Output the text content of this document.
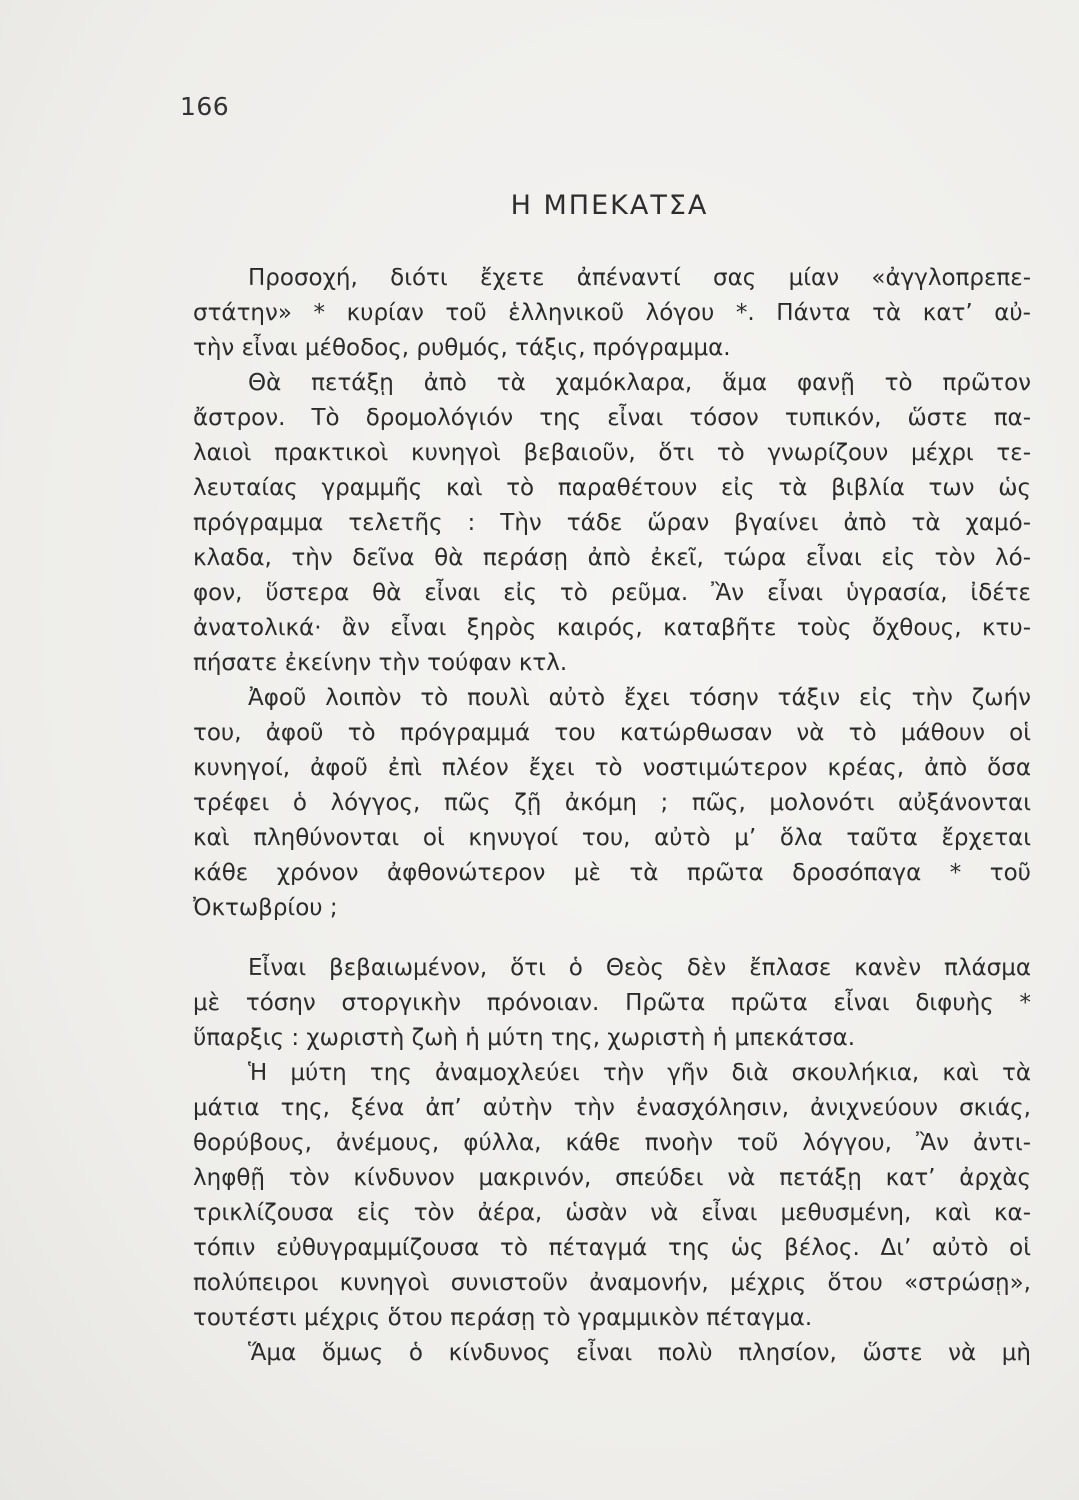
166
Η ΜΠΕΚΑΤΣΑ
Προσοχή, διότι ἔχετε ἀπέναντί σας μίαν «ἀγγλοπρεπε-
στάτην» * κυρίαν τοῦ ἑλληνικοῦ λόγου *. Πάντα τὰ κατ’ αὐ-
τὴν εἶναι μέθοδος, ρυθμός, τάξις, πρόγραμμα.
Θὰ πετάξῃ ἀπὸ τὰ χαμόκλαρα, ἅμα φανῇ τὸ πρῶτον
ἄστρον. Τὸ δρομολόγιόν της εἶναι τόσον τυπικόν, ὥστε πα-
λαιοὶ πρακτικοὶ κυνηγοὶ βεβαιοῦν, ὅτι τὸ γνωρίζουν μέχρι τε-
λευταίας γραμμῆς καὶ τὸ παραθέτουν εἰς τὰ βιβλία των ὡς
πρόγραμμα τελετῆς : Τὴν τάδε ὥραν βγαίνει ἀπὸ τὰ χαμό-
κλαδα, τὴν δεῖνα θὰ περάσῃ ἀπὸ ἐκεῖ, τώρα εἶναι εἰς τὸν λό-
φον, ὕστερα θὰ εἶναι εἰς τὸ ρεῦμα. Ἂν εἶναι ὑγρασία, ἰδέτε
ἀνατολικά· ἂν εἶναι ξηρὸς καιρός, καταβῆτε τοὺς ὄχθους, κτυ-
πήσατε ἐκείνην τὴν τούφαν κτλ.
Ἀφοῦ λοιπὸν τὸ πουλὶ αὐτὸ ἔχει τόσην τάξιν εἰς τὴν ζωήν
του, ἀφοῦ τὸ πρόγραμμά του κατώρθωσαν νὰ τὸ μάθουν οἱ
κυνηγοί, ἀφοῦ ἐπὶ πλέον ἔχει τὸ νοστιμώτερον κρέας, ἀπὸ ὅσα
τρέφει ὁ λόγγος, πῶς ζῇ ἀκόμη ; πῶς, μολονότι αὐξάνονται
καὶ πληθύνονται οἱ κηνυγοί του, αὐτὸ μ’ ὅλα ταῦτα ἔρχεται
κάθε χρόνον ἀφθονώτερον μὲ τὰ πρῶτα δροσόπαγα * τοῦ
Ὀκτωβρίου ;
Εἶναι βεβαιωμένον, ὅτι ὁ Θεὸς δὲν ἔπλασε κανὲν πλάσμα
μὲ τόσην στοργικὴν πρόνοιαν. Πρῶτα πρῶτα εἶναι διφυὴς *
ὕπαρξις : χωριστὴ ζωὴ ἡ μύτη της, χωριστὴ ἡ μπεκάτσα.
Ἡ μύτη της ἀναμοχλεύει τὴν γῆν διὰ σκουλήκια, καὶ τὰ
μάτια της, ξένα ἀπ’ αὐτὴν τὴν ἐνασχόλησιν, ἀνιχνεύουν σκιάς,
θορύβους, ἀνέμους, φύλλα, κάθε πνοὴν τοῦ λόγγου, Ἂν ἀντι-
ληφθῇ τὸν κίνδυνον μακρινόν, σπεύδει νὰ πετάξῃ κατ’ ἀρχὰς
τρικλίζουσα εἰς τὸν ἀέρα, ὡσὰν νὰ εἶναι μεθυσμένη, καὶ κα-
τόπιν εὐθυγραμμίζουσα τὸ πέταγμά της ὡς βέλος. Διʼ αὐτὸ οἱ
πολύπειροι κυνηγοὶ συνιστοῦν ἀναμονήν, μέχρις ὅτου «στρώσῃ»,
τουτέστι μέχρις ὅτου περάσῃ τὸ γραμμικὸν πέταγμα.
Ἅμα ὅμως ὁ κίνδυνος εἶναι πολὺ πλησίον, ὥστε νὰ μὴ
